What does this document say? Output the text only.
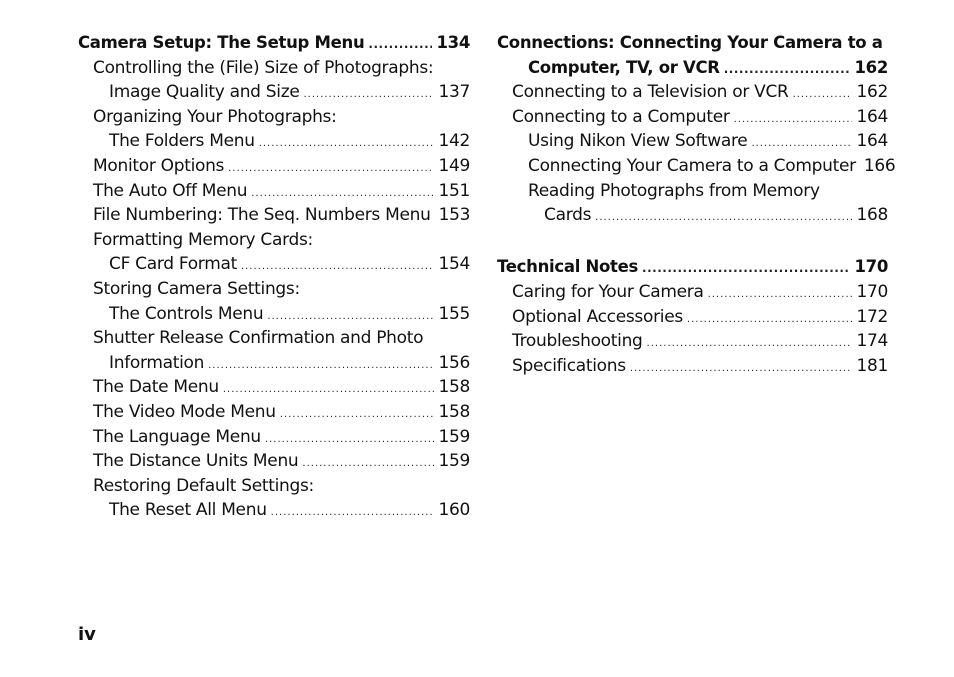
Camera Setup: The Setup Menu .....	134
Controlling the (File) Size of Photographs:
Image Quality and Size .....	137
Organizing Your Photographs:
The Folders Menu .....	142
Monitor Options .....	149
The Auto Off Menu .....	151
File Numbering: The Seq. Numbers Menu 153
Formatting Memory Cards:
CF Card Format .....	154
Storing Camera Settings:
The Controls Menu .....	155
Shutter Release Confirmation and Photo
Information .....	156
The Date Menu .....	158
The Video Mode Menu .....	158
The Language Menu .....	159
The Distance Units Menu .....	159
Restoring Default Settings:
The Reset All Menu .....	160
Connections: Connecting Your Camera to a
Computer, TV, or VCR .....	162
Connecting to a Television or VCR .....	162
Connecting to a Computer .....	164
Using Nikon View Software .....	164
Connecting Your Camera to a Computer 166
Reading Photographs from Memory
Cards .....	168
Technical Notes .....	170
Caring for Your Camera .....	170
Optional Accessories .....	172
Troubleshooting .....	174
Specifications .....	181
iv
